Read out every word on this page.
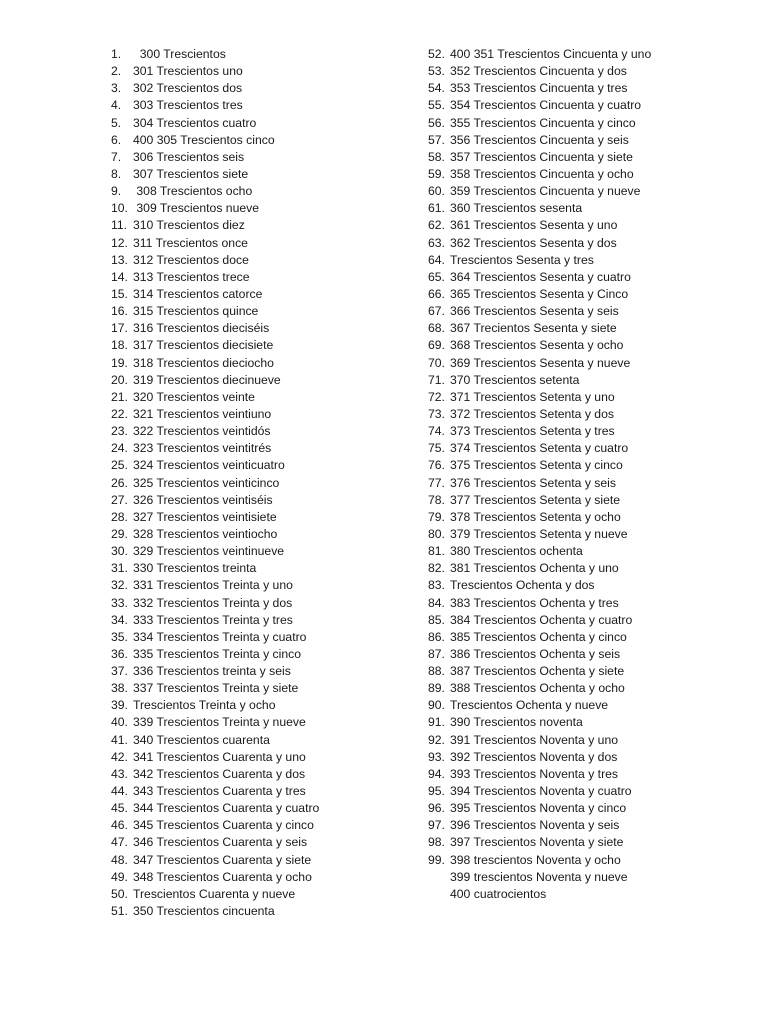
1. 300 Trescientos
2. 301 Trescientos uno
3. 302 Trescientos dos
4. 303 Trescientos tres
5. 304 Trescientos cuatro
6. 400 305 Trescientos cinco
7. 306 Trescientos seis
8. 307 Trescientos siete
9. 308 Trescientos ocho
10. 309 Trescientos nueve
11. 310 Trescientos diez
12. 311 Trescientos once
13. 312 Trescientos doce
14. 313 Trescientos trece
15. 314 Trescientos catorce
16. 315 Trescientos quince
17. 316 Trescientos dieciséis
18. 317 Trescientos diecisiete
19. 318 Trescientos dieciocho
20. 319 Trescientos diecinueve
21. 320 Trescientos veinte
22. 321 Trescientos veintiuno
23. 322 Trescientos veintidós
24. 323 Trescientos veintitrés
25. 324 Trescientos veinticuatro
26. 325 Trescientos veinticinco
27. 326 Trescientos veintiséis
28. 327 Trescientos veintisiete
29. 328 Trescientos veintiocho
30. 329 Trescientos veintinueve
31. 330 Trescientos treinta
32. 331 Trescientos Treinta y uno
33. 332 Trescientos Treinta y dos
34. 333 Trescientos Treinta y tres
35. 334 Trescientos Treinta y cuatro
36. 335 Trescientos Treinta y cinco
37. 336 Trescientos treinta y seis
38. 337 Trescientos Treinta y siete
39. Trescientos Treinta y ocho
40. 339 Trescientos Treinta y nueve
41. 340 Trescientos cuarenta
42. 341 Trescientos Cuarenta y uno
43. 342 Trescientos Cuarenta y dos
44. 343 Trescientos Cuarenta y tres
45. 344 Trescientos Cuarenta y cuatro
46. 345 Trescientos Cuarenta y cinco
47. 346 Trescientos Cuarenta y seis
48. 347 Trescientos Cuarenta y siete
49. 348 Trescientos Cuarenta y ocho
50. Trescientos Cuarenta y nueve
51. 350 Trescientos cincuenta
52. 400 351 Trescientos Cincuenta y uno
53. 352 Trescientos Cincuenta y dos
54. 353 Trescientos Cincuenta y tres
55. 354 Trescientos Cincuenta y cuatro
56. 355 Trescientos Cincuenta y cinco
57. 356 Trescientos Cincuenta y seis
58. 357 Trescientos Cincuenta y siete
59. 358 Trescientos Cincuenta y ocho
60. 359 Trescientos Cincuenta y nueve
61. 360 Trescientos sesenta
62. 361 Trescientos Sesenta y uno
63. 362 Trescientos Sesenta y dos
64. Trescientos Sesenta y tres
65. 364 Trescientos Sesenta y cuatro
66. 365 Trescientos Sesenta y Cinco
67. 366 Trescientos Sesenta y seis
68. 367 Trecientos Sesenta y siete
69. 368 Trescientos Sesenta y ocho
70. 369 Trescientos Sesenta y nueve
71. 370 Trescientos setenta
72. 371 Trescientos Setenta y uno
73. 372 Trescientos Setenta y dos
74. 373 Trescientos Setenta y tres
75. 374 Trescientos Setenta y cuatro
76. 375 Trescientos Setenta y cinco
77. 376 Trescientos Setenta y seis
78. 377 Trescientos Setenta y siete
79. 378 Trescientos Setenta y ocho
80. 379 Trescientos Setenta y nueve
81. 380 Trescientos ochenta
82. 381 Trescientos Ochenta y uno
83. Trescientos Ochenta y dos
84. 383 Trescientos Ochenta y tres
85. 384 Trescientos Ochenta y cuatro
86. 385 Trescientos Ochenta y cinco
87. 386 Trescientos Ochenta y seis
88. 387 Trescientos Ochenta y siete
89. 388 Trescientos Ochenta y ocho
90. Trescientos Ochenta y nueve
91. 390 Trescientos noventa
92. 391 Trescientos Noventa y uno
93. 392 Trescientos Noventa y dos
94. 393 Trescientos Noventa y tres
95. 394 Trescientos Noventa y cuatro
96. 395 Trescientos Noventa y cinco
97. 396 Trescientos Noventa y seis
98. 397 Trescientos Noventa y siete
99. 398 trescientos Noventa y ocho
399 trescientos Noventa y nueve
400 cuatrocientos
